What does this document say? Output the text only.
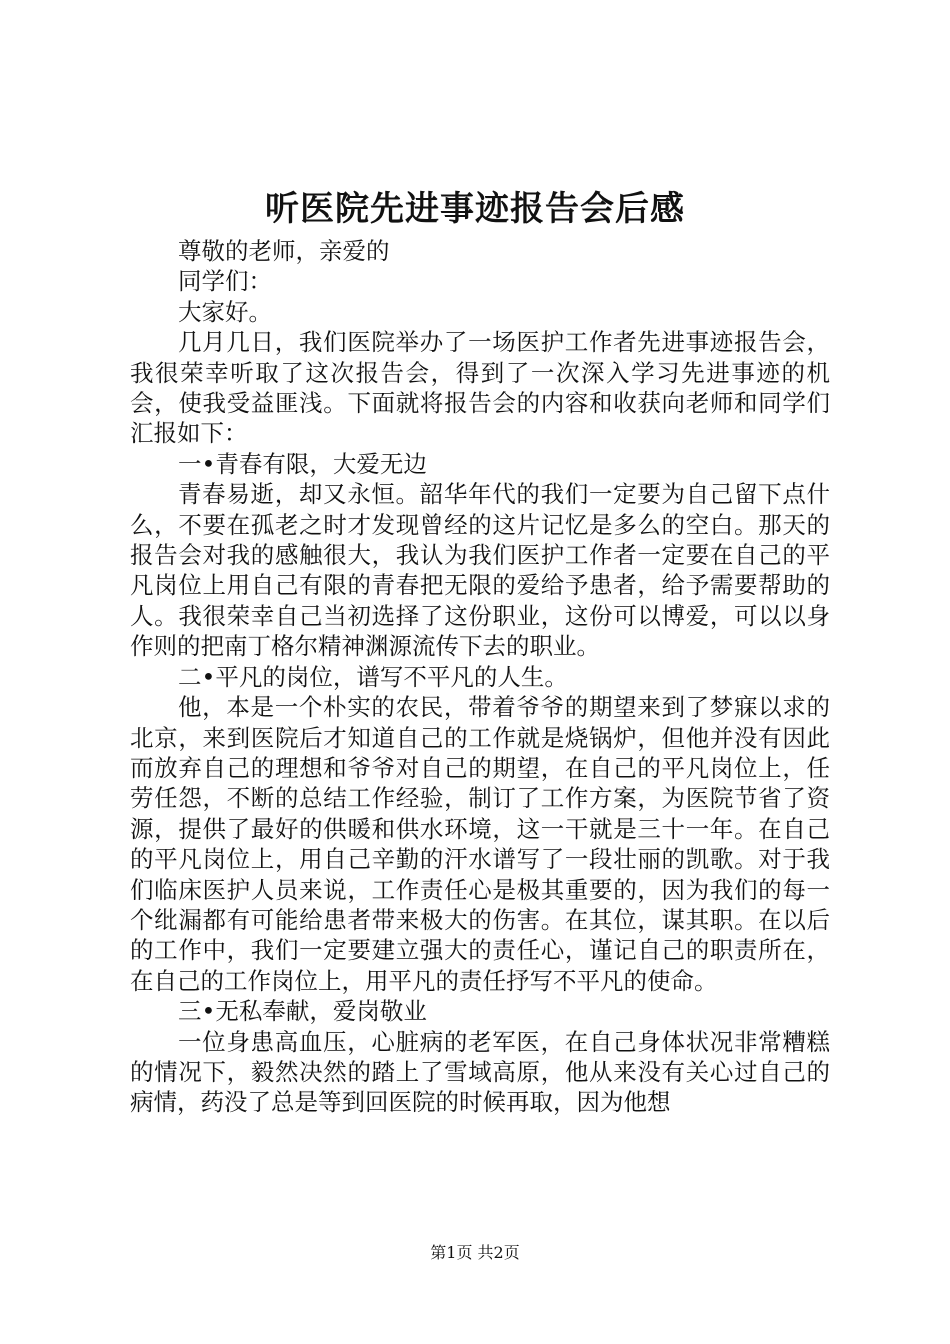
听医院先进事迹报告会后感

尊敬的老师，亲爱的

同学们：

大家好。

几月几日，我们医院举办了一场医护工作者先进事迹报告会，我很荣幸听取了这次报告会，得到了一次深入学习先进事迹的机会，使我受益匪浅。下面就将报告会的内容和收获向老师和同学们汇报如下：

一•青春有限，大爱无边

青春易逝，却又永恒。韶华年代的我们一定要为自己留下点什么，不要在孤老之时才发现曾经的这片记忆是多么的空白。那天的报告会对我的感触很大，我认为我们医护工作者一定要在自己的平凡岗位上用自己有限的青春把无限的爱给予患者，给予需要帮助的人。我很荣幸自己当初选择了这份职业，这份可以博爱，可以以身作则的把南丁格尔精神渊源流传下去的职业。

二•平凡的岗位，谱写不平凡的人生。

他，本是一个朴实的农民，带着爷爷的期望来到了梦寐以求的北京，来到医院后才知道自己的工作就是烧锅炉，但他并没有因此而放弃自己的理想和爷爷对自己的期望，在自己的平凡岗位上，任劳任怨，不断的总结工作经验，制订了工作方案，为医院节省了资源，提供了最好的供暖和供水环境，这一干就是三十一年。在自己的平凡岗位上，用自己辛勤的汗水谱写了一段壮丽的凯歌。对于我们临床医护人员来说，工作责任心是极其重要的，因为我们的每一个纰漏都有可能给患者带来极大的伤害。在其位，谋其职。在以后的工作中，我们一定要建立强大的责任心，谨记自己的职责所在，在自己的工作岗位上，用平凡的责任抒写不平凡的使命。

三•无私奉献，爱岗敬业

一位身患高血压，心脏病的老军医，在自己身体状况非常糟糕的情况下，毅然决然的踏上了雪域高原，他从来没有关心过自己的病情，药没了总是等到回医院的时候再取，因为他想

第1页 共2页
